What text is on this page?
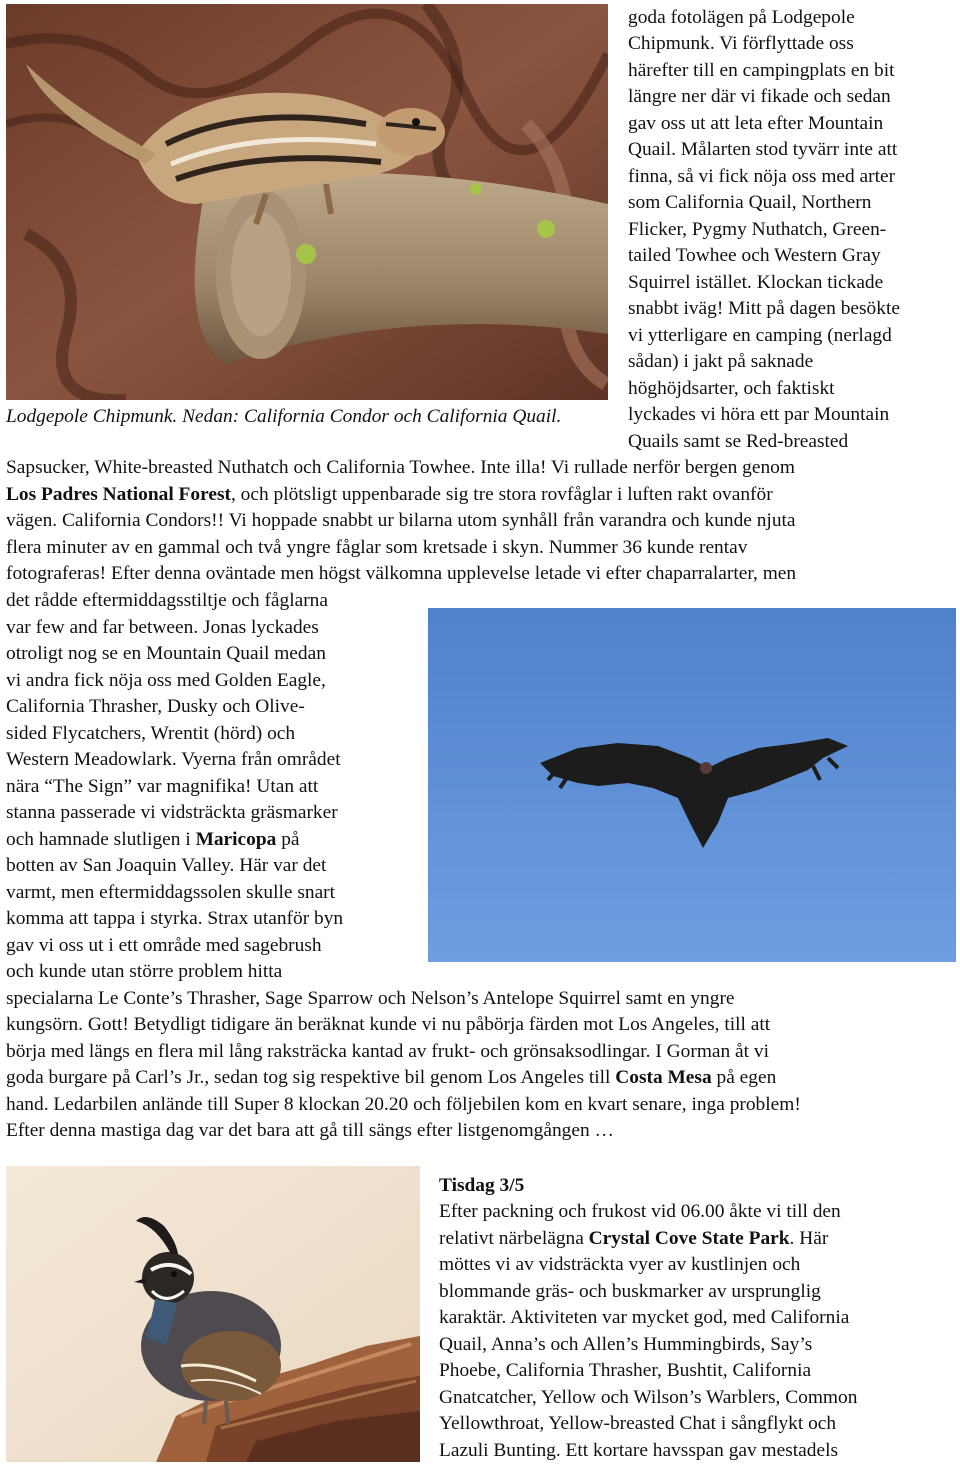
Lodgepole Chipmunk. Nedan: California Condor och California Quail.
goda fotolägen på Lodgepole
Chipmunk. Vi förflyttade oss
härefter till en campingplats en bit
längre ner där vi fikade och sedan
gav oss ut att leta efter Mountain
Quail. Målarten stod tyvärr inte att
finna, så vi fick nöja oss med arter
som California Quail, Northern
Flicker, Pygmy Nuthatch, Green-
tailed Towhee och Western Gray
Squirrel istället. Klockan tickade
snabbt iväg! Mitt på dagen besökte
vi ytterligare en camping (nerlagd
sådan) i jakt på saknade
höghöjdsarter, och faktiskt
lyckades vi höra ett par Mountain
Quails samt se Red-breasted
Sapsucker, White-breasted Nuthatch och California Towhee. Inte illa! Vi rullade nerför bergen genom
Los Padres National Forest, och plötsligt uppenbarade sig tre stora rovfåglar i luften rakt ovanför
vägen. California Condors!! Vi hoppade snabbt ur bilarna utom synhåll från varandra och kunde njuta
flera minuter av en gammal och två yngre fåglar som kretsade i skyn. Nummer 36 kunde rentav
fotograferas! Efter denna oväntade men högst välkomna upplevelse letade vi efter chaparralarter, men
det rådde eftermiddagsstiltje och fåglarna
var few and far between. Jonas lyckades
otroligt nog se en Mountain Quail medan
vi andra fick nöja oss med Golden Eagle,
California Thrasher, Dusky och Olive-
sided Flycatchers, Wrentit (hörd) och
Western Meadowlark. Vyerna från området
nära “The Sign” var magnifika! Utan att
stanna passerade vi vidsträckta gräsmarker
och hamnade slutligen i Maricopa på
botten av San Joaquin Valley. Här var det
varmt, men eftermiddagssolen skulle snart
komma att tappa i styrka. Strax utanför byn
gav vi oss ut i ett område med sagebrush
och kunde utan större problem hitta
specialarna Le Conte’s Thrasher, Sage Sparrow och Nelson’s Antelope Squirrel samt en yngre
kungsörn. Gott! Betydligt tidigare än beräknat kunde vi nu påbörja färden mot Los Angeles, till att
börja med längs en flera mil lång raksträcka kantad av frukt- och grönsaksodlingar. I Gorman åt vi
goda burgare på Carl’s Jr., sedan tog sig respektive bil genom Los Angeles till Costa Mesa på egen
hand. Ledarbilen anlände till Super 8 klockan 20.20 och följebilen kom en kvart senare, inga problem!
Efter denna mastiga dag var det bara att gå till sängs efter listgenomgången …
Tisdag 3/5
Efter packning och frukost vid 06.00 åkte vi till den
relativt närbelägna Crystal Cove State Park. Här
möttes vi av vidsträckta vyer av kustlinjen och
blommande gräs- och buskmarker av ursprunglig
karaktär. Aktiviteten var mycket god, med California
Quail, Anna’s och Allen’s Hummingbirds, Say’s
Phoebe, California Thrasher, Bushtit, California
Gnatcatcher, Yellow och Wilson’s Warblers, Common
Yellowthroat, Yellow-breasted Chat i sångflykt och
Lazuli Bunting. Ett kortare havsspan gav mestadels
